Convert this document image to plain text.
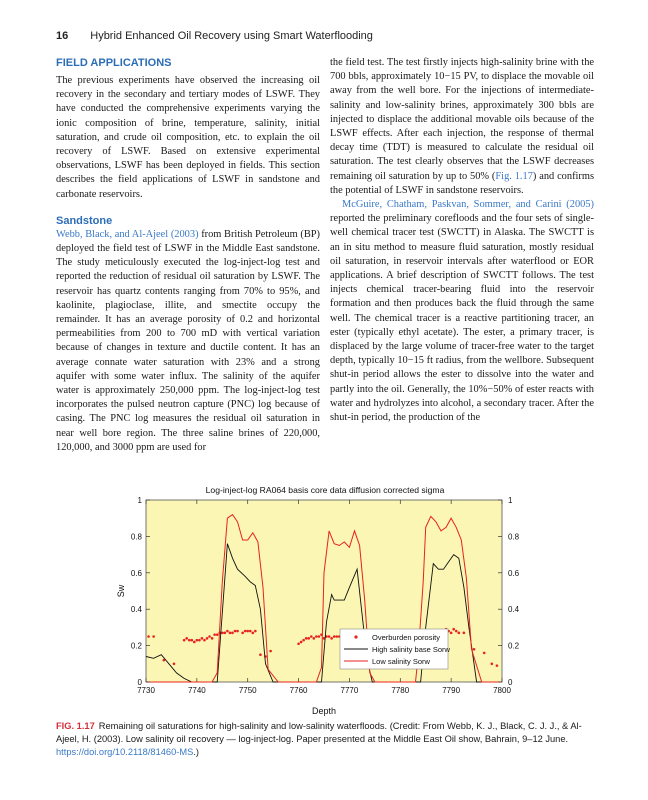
16 Hybrid Enhanced Oil Recovery using Smart Waterflooding
FIELD APPLICATIONS

The previous experiments have observed the increasing oil recovery in the secondary and tertiary modes of LSWF. They have conducted the comprehensive experiments varying the ionic composition of brine, temperature, salinity, initial saturation, and crude oil composition, etc. to explain the oil recovery of LSWF. Based on extensive experimental observations, LSWF has been deployed in fields. This section describes the field applications of LSWF in sandstone and carbonate reservoirs.

Sandstone

Webb, Black, and Al-Ajeel (2003) from British Petroleum (BP) deployed the field test of LSWF in the Middle East sandstone. The study meticulously executed the log-inject-log test and reported the reduction of residual oil saturation by LSWF. The reservoir has quartz contents ranging from 70% to 95%, and kaolinite, plagioclase, illite, and smectite occupy the remainder. It has an average porosity of 0.2 and horizontal permeabilities from 200 to 700 mD with vertical variation because of changes in texture and ductile content. It has an average connate water saturation with 23% and a strong aquifer with some water influx. The salinity of the aquifer water is approximately 250,000 ppm. The log-inject-log test incorporates the pulsed neutron capture (PNC) log because of casing. The PNC log measures the residual oil saturation in near well bore region. The three saline brines of 220,000, 120,000, and 3000 ppm are used for

the field test. The test firstly injects high-salinity brine with the 700 bbls, approximately 10−15 PV, to displace the movable oil away from the well bore. For the injections of intermediate-salinity and low-salinity brines, approximately 300 bbls are injected to displace the additional movable oils because of the LSWF effects. After each injection, the response of thermal decay time (TDT) is measured to calculate the residual oil saturation. The test clearly observes that the LSWF decreases remaining oil saturation by up to 50% (Fig. 1.17) and confirms the potential of LSWF in sandstone reservoirs.

McGuire, Chatham, Paskvan, Sommer, and Carini (2005) reported the preliminary corefloods and the four sets of single-well chemical tracer test (SWCTT) in Alaska. The SWCTT is an in situ method to measure fluid saturation, mostly residual oil saturation, in reservoir intervals after waterflood or EOR applications. A brief description of SWCTT follows. The test injects chemical tracer-bearing fluid into the reservoir formation and then produces back the fluid through the same well. The chemical tracer is a reactive partitioning tracer, an ester (typically ethyl acetate). The ester, a primary tracer, is displaced by the large volume of tracer-free water to the target depth, typically 10−15 ft radius, from the wellbore. Subsequent shut-in period allows the ester to dissolve into the water and partly into the oil. Generally, the 10%−50% of ester reacts with water and hydrolyzes into alcohol, a secondary tracer. After the shut-in period, the production of the

Log-inject-log RA064 basis core data diffusion corrected sigma
7730	7740	7750	7760	7770	7780	7790	7800
0	0
0.2	0.2
0.4	0.4
0.6	0.6
0.8	0.8
1	1
Depth
Sw
Overburden porosity
High salinity base Sorw
Low salinity Sorw
FIG. 1.17 Remaining oil saturations for high-salinity and low-salinity waterfloods. (Credit: From Webb, K. J., Black, C. J. J., & Al-Ajeel, H. (2003). Low salinity oil recovery — log-inject-log. Paper presented at the Middle East Oil show, Bahrain, 9–12 June. https://doi.org/10.2118/81460-MS.)
